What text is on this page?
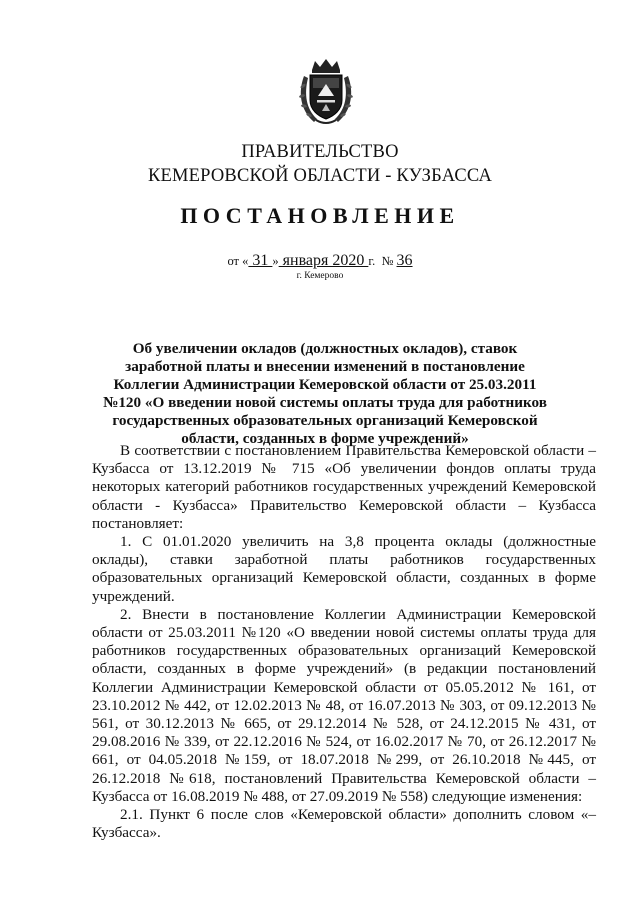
ПРАВИТЕЛЬСТВО
КЕМЕРОВСКОЙ ОБЛАСТИ - КУЗБАССА
ПОСТАНОВЛЕНИЕ
от « 31 » января 2020 г. № 36
г. Кемерово
Об увеличении окладов (должностных окладов), ставок заработной платы и внесении изменений в постановление Коллегии Администрации Кемеровской области от 25.03.2011 №120 «О введении новой системы оплаты труда для работников государственных образовательных организаций Кемеровской области, созданных в форме учреждений»

В соответствии с постановлением Правительства Кемеровской области – Кузбасса от 13.12.2019 № 715 «Об увеличении фондов оплаты труда некоторых категорий работников государственных учреждений Кемеровской области - Кузбасса» Правительство Кемеровской области – Кузбасса постановляет:

1. С 01.01.2020 увеличить на 3,8 процента оклады (должностные оклады), ставки заработной платы работников государственных образовательных организаций Кемеровской области, созданных в форме учреждений.

2. Внести в постановление Коллегии Администрации Кемеровской области от 25.03.2011 №120 «О введении новой системы оплаты труда для работников государственных образовательных организаций Кемеровской области, созданных в форме учреждений» (в редакции постановлений Коллегии Администрации Кемеровской области от 05.05.2012 № 161, от 23.10.2012 № 442, от 12.02.2013 № 48, от 16.07.2013 № 303, от 09.12.2013 № 561, от 30.12.2013 № 665, от 29.12.2014 № 528, от 24.12.2015 № 431, от 29.08.2016 № 339, от 22.12.2016 № 524, от 16.02.2017 № 70, от 26.12.2017 № 661, от 04.05.2018 №159, от 18.07.2018 №299, от 26.10.2018 №445, от 26.12.2018 №618, постановлений Правительства Кемеровской области – Кузбасса от 16.08.2019 № 488, от 27.09.2019 № 558) следующие изменения:

2.1. Пункт 6 после слов «Кемеровской области» дополнить словом «– Кузбасса».
